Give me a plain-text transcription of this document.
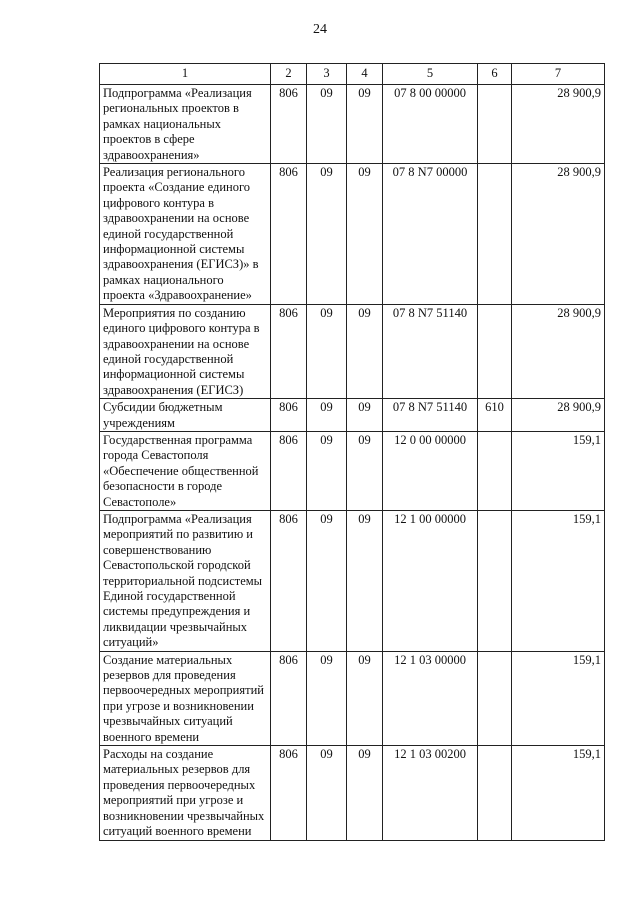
24
1	2	3	4	5	6	7
Подпрограмма «Реализация региональных проектов в рамках национальных проектов в сфере здравоохранения»	806	09	09	07 8 00 00000		28 900,9
Реализация регионального проекта «Создание единого цифрового контура в здравоохранении на основе единой государственной информационной системы здравоохранения (ЕГИСЗ)» в рамках национального проекта «Здравоохранение»	806	09	09	07 8 N7 00000		28 900,9
Мероприятия по созданию единого цифрового контура в здравоохранении на основе единой государственной информационной системы здравоохранения (ЕГИСЗ)	806	09	09	07 8 N7 51140		28 900,9
Субсидии бюджетным учреждениям	806	09	09	07 8 N7 51140	610	28 900,9
Государственная программа города Севастополя «Обеспечение общественной безопасности в городе Севастополе»	806	09	09	12 0 00 00000		159,1
Подпрограмма «Реализация мероприятий по развитию и совершенствованию Севастопольской городской территориальной подсистемы Единой государственной системы предупреждения и ликвидации чрезвычайных ситуаций»	806	09	09	12 1 00 00000		159,1
Создание материальных резервов для проведения первоочередных мероприятий при угрозе и возникновении чрезвычайных ситуаций военного времени	806	09	09	12 1 03 00000		159,1
Расходы на создание материальных резервов для проведения первоочередных мероприятий при угрозе и возникновении чрезвычайных ситуаций военного времени	806	09	09	12 1 03 00200		159,1
